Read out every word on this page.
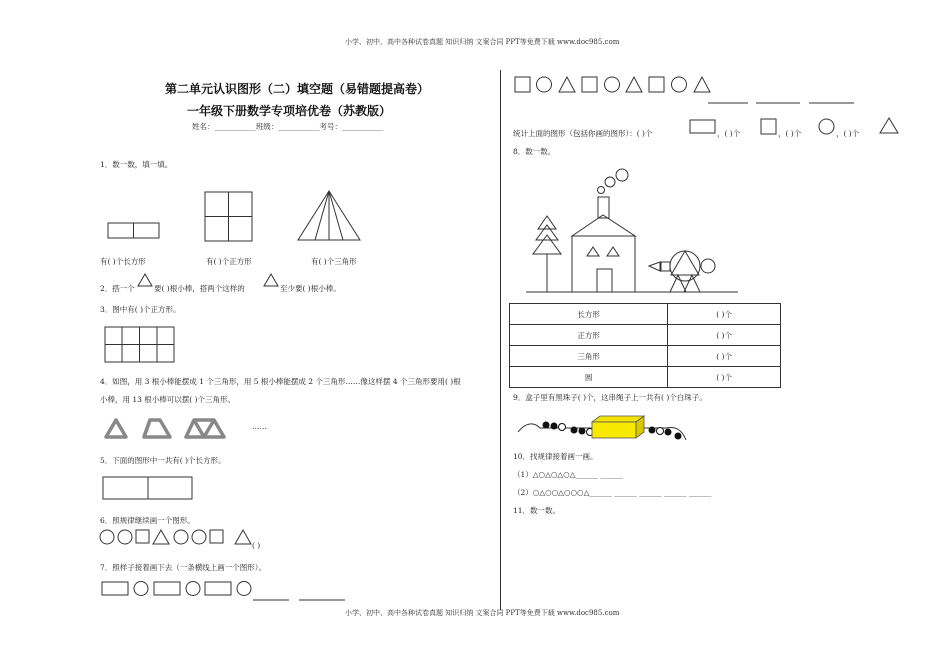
小学、初中、高中各种试卷真题 知识归纳 文案合同 PPT等免费下载 www.doc985.com
小学、初中、高中各种试卷真题 知识归纳 文案合同 PPT等免费下载 www.doc985.com
第二单元认识图形（二）填空题（易错题提高卷）
一年级下册数学专项培优卷（苏教版）
姓名：___________班级：___________考号：___________
1．数一数，填一填。
有( )个长方形	有( )个正方形	有( )个三角形
2．搭一个	要( )根小棒，搭两个这样的	至少要( )根小棒。
3．图中有( )个正方形。
4．如图，用 3 根小棒能摆成 1 个三角形，用 5 根小棒能摆成 2 个三角形……像这样摆 4 个三角形要用( )根
小棒，用 13 根小棒可以摆( )个三角形。
……
5．下面的图形中一共有( )个长方形。
6．照规律继续画一个图形。
( )
7．照样子接着画下去（一条横线上画一个图形）。
统计上面的图形（包括你画的图形）：( )个	，( )个	，( )个	，( )个
8．数一数。
长方形	( )个
正方形	( )个
三角形	( )个
圆	( )个
9．盒子里有黑珠子( )个，这串绳子上一共有( )个白珠子。
10．找规律接着画一画。
（1）△○△○△○△______ ______
（2）○△○○△○○○△______ ______ ______ ______ ______
11．数一数。
